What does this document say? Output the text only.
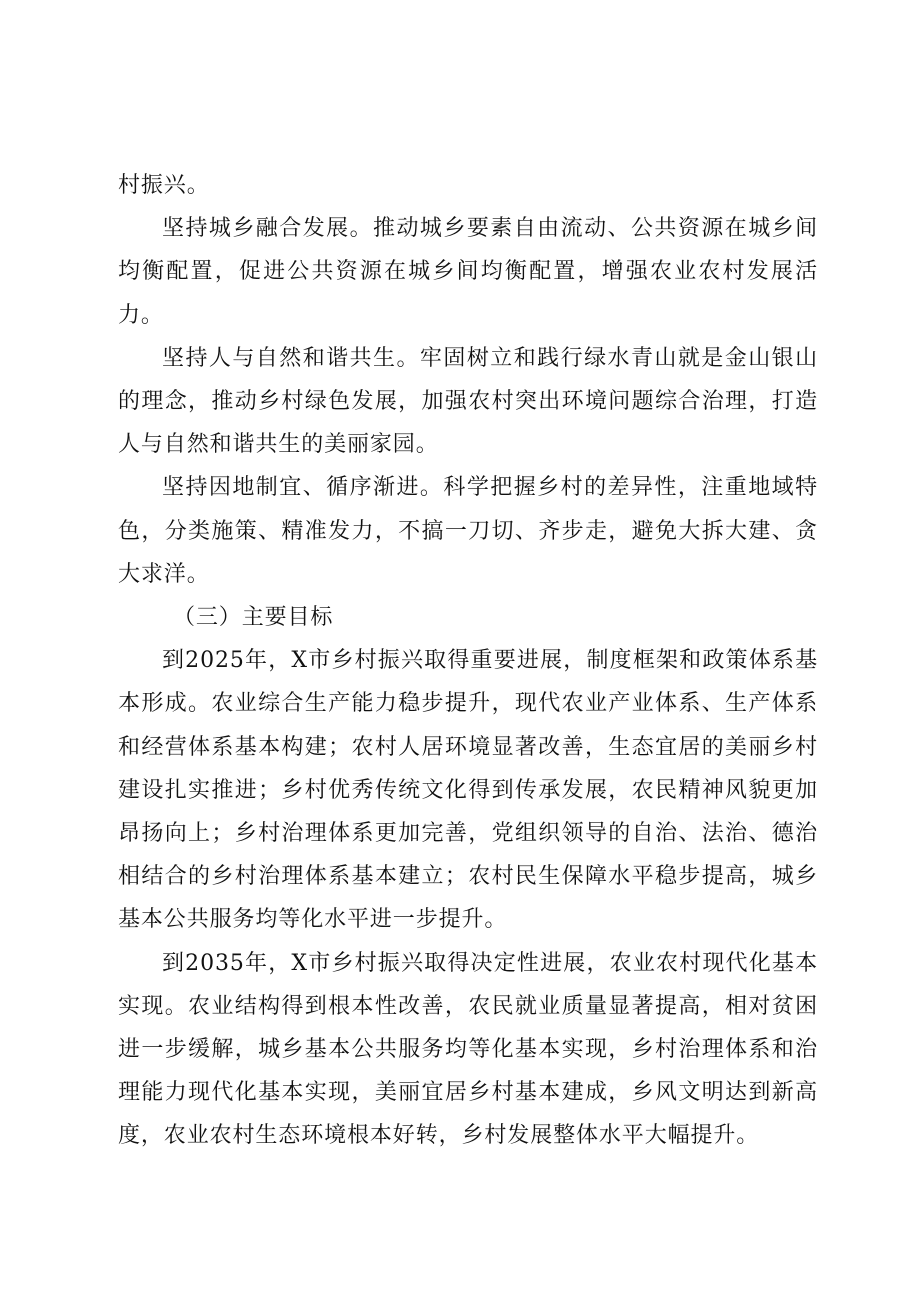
村振兴。

坚持城乡融合发展。推动城乡要素自由流动、公共资源在城乡间均衡配置，促进公共资源在城乡间均衡配置，增强农业农村发展活力。

坚持人与自然和谐共生。牢固树立和践行绿水青山就是金山银山的理念，推动乡村绿色发展，加强农村突出环境问题综合治理，打造人与自然和谐共生的美丽家园。

坚持因地制宜、循序渐进。科学把握乡村的差异性，注重地域特色，分类施策、精准发力，不搞一刀切、齐步走，避免大拆大建、贪大求洋。

（三）主要目标

到2025年，X市乡村振兴取得重要进展，制度框架和政策体系基本形成。农业综合生产能力稳步提升，现代农业产业体系、生产体系和经营体系基本构建；农村人居环境显著改善，生态宜居的美丽乡村建设扎实推进；乡村优秀传统文化得到传承发展，农民精神风貌更加昂扬向上；乡村治理体系更加完善，党组织领导的自治、法治、德治相结合的乡村治理体系基本建立；农村民生保障水平稳步提高，城乡基本公共服务均等化水平进一步提升。

到2035年，X市乡村振兴取得决定性进展，农业农村现代化基本实现。农业结构得到根本性改善，农民就业质量显著提高，相对贫困进一步缓解，城乡基本公共服务均等化基本实现，乡村治理体系和治理能力现代化基本实现，美丽宜居乡村基本建成，乡风文明达到新高度，农业农村生态环境根本好转，乡村发展整体水平大幅提升。
